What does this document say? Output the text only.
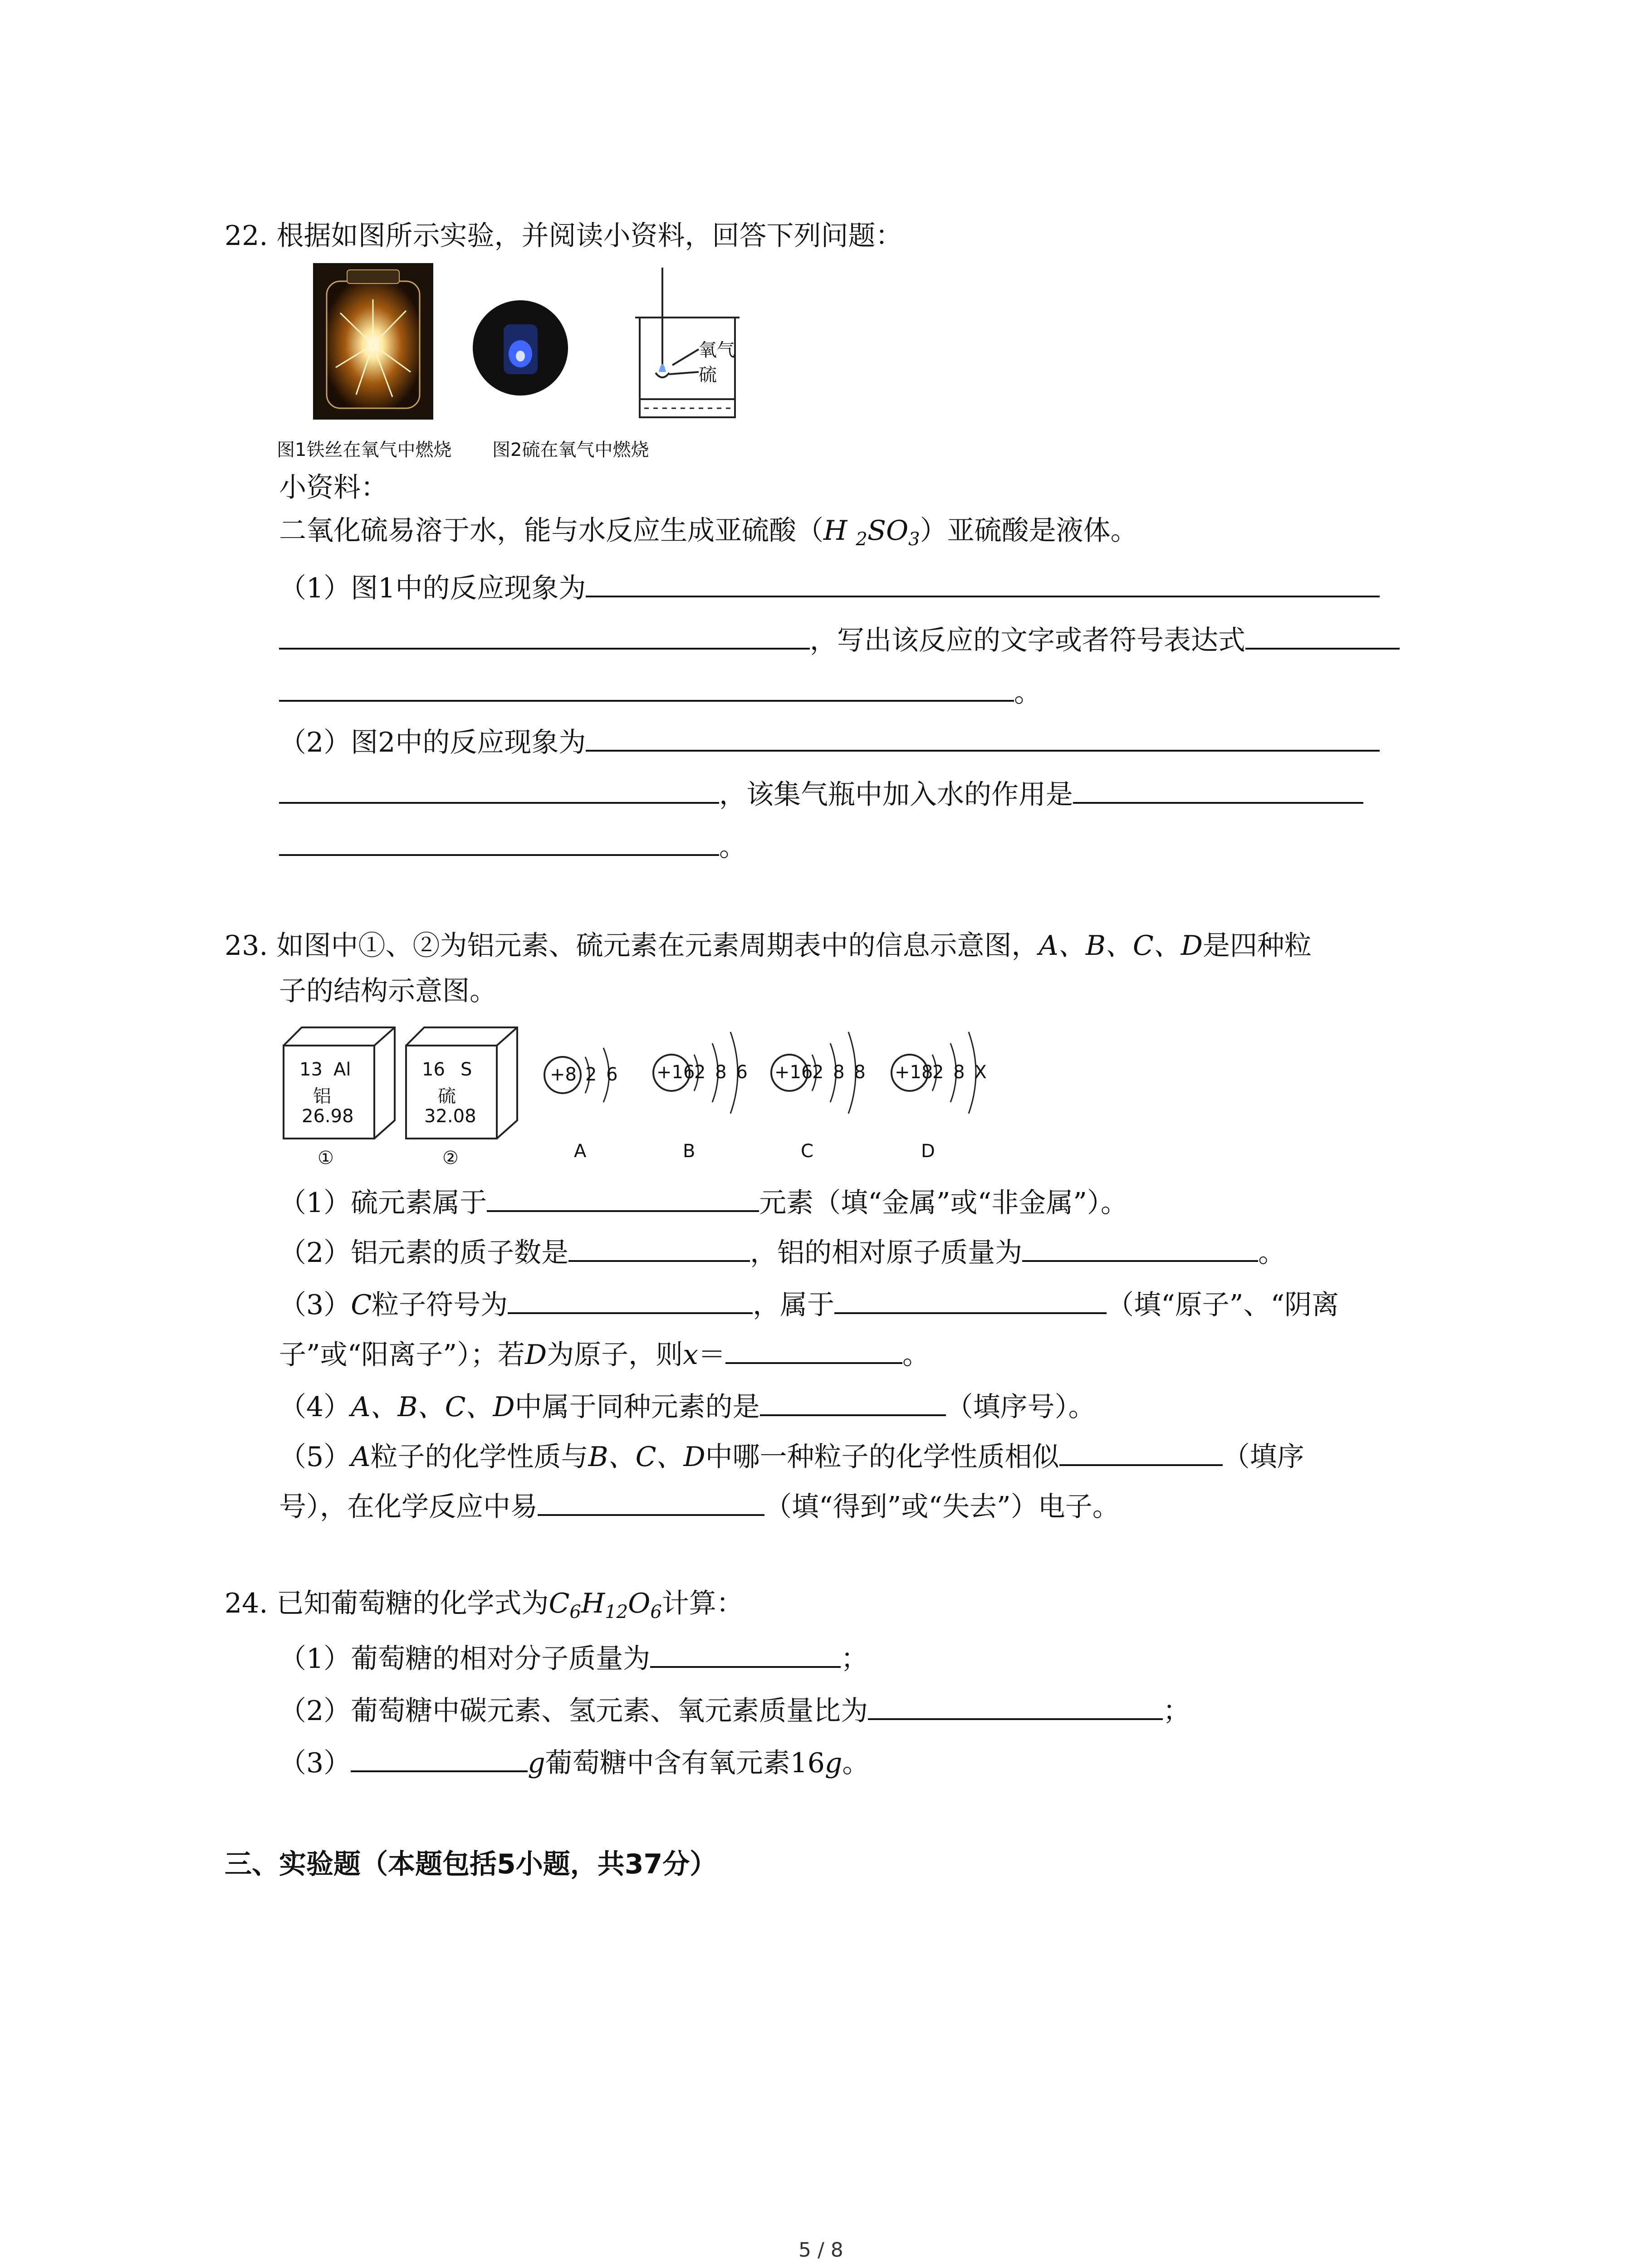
22. 根据如图所示实验，并阅读小资料，回答下列问题：
氧气
硫
图1铁丝在氧气中燃烧 图2硫在氧气中燃烧
小资料：
二氧化硫易溶于水，能与水反应生成亚硫酸（H $_2SO_3$）亚硫酸是液体。
（1）图1中的反应现象为
，写出该反应的文字或者符号表达式
。
（2）图2中的反应现象为
，该集气瓶中加入水的作用是
。
23. 如图中①、②为铝元素、硫元素在元素周期表中的信息示意图，A、B、C、D是四种粒
子的结构示意图。
13 Al
铝
26.98
①
16 S
硫
32.08
②
+8 2 6
A
+16
2 8 6
B
+16
2 8 8
C
+18
2 8 X
D
（1）硫元素属于	元素（填“金属”或“非金属”）。
（2）铝元素的质子数是	，铝的相对原子质量为	。
（3）C粒子符号为	，属于	（填“原子”、“阴离
子”或“阳离子”）；若D为原子，则x＝	。
（4）A、B、C、D中属于同种元素的是	（填序号）。
（5）A粒子的化学性质与B、C、D中哪一种粒子的化学性质相似	（填序
号），在化学反应中易	（填“得到”或“失去”）电子。
24. 已知葡萄糖的化学式为$C_6H_{12}O_6$计算：
（1）葡萄糖的相对分子质量为	；
（2）葡萄糖中碳元素、氢元素、氧元素质量比为	；
（3）	g葡萄糖中含有氧元素16g。
三、实验题（本题包括5小题，共37分）
5 / 8
